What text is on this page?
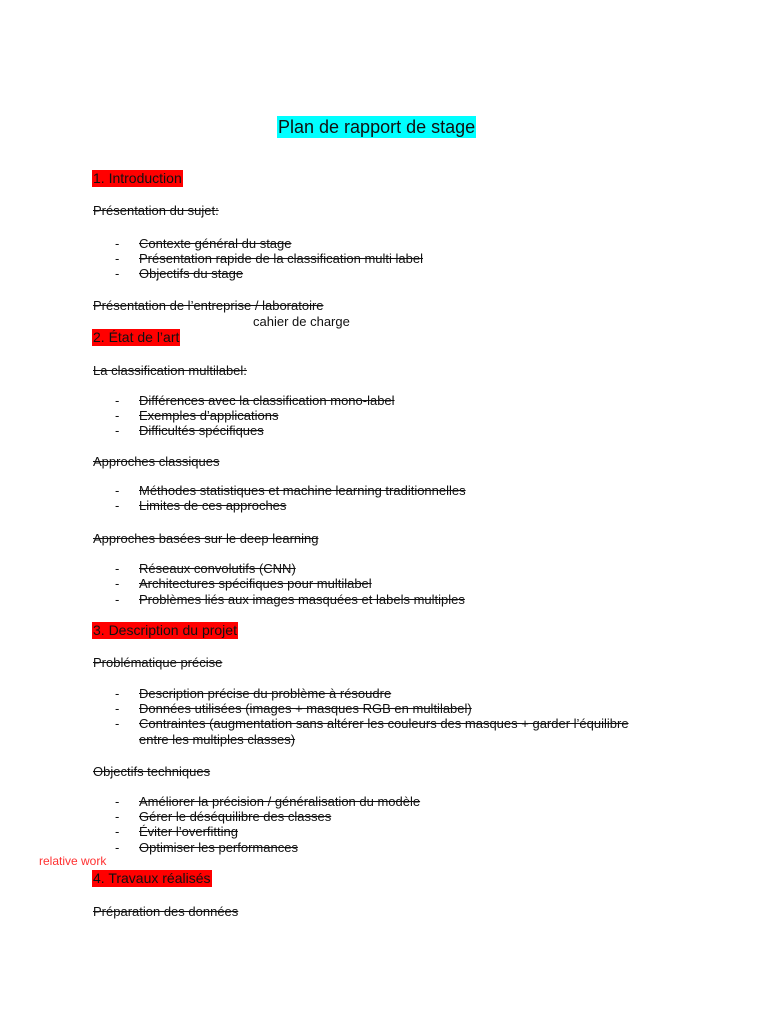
Plan de rapport de stage
1. Introduction
Présentation du sujet:
- Contexte général du stage
- Présentation rapide de la classification multi label
- Objectifs du stage
Présentation de l’entreprise / laboratoire
cahier de charge
2. État de l’art
La classification multilabel:
- Différences avec la classification mono-label
- Exemples d’applications
- Difficultés spécifiques
Approches classiques
- Méthodes statistiques et machine learning traditionnelles
- Limites de ces approches
Approches basées sur le deep learning
- Réseaux convolutifs (CNN)
- Architectures spécifiques pour multilabel
- Problèmes liés aux images masquées et labels multiples
3. Description du projet
Problématique précise
- Description précise du problème à résoudre
- Données utilisées (images + masques RGB en multilabel)
- Contraintes (augmentation sans altérer les couleurs des masques + garder l’équilibre
entre les multiples classes)
Objectifs techniques
- Améliorer la précision / généralisation du modèle
- Gérer le déséquilibre des classes
- Éviter l’overfitting
- Optimiser les performances
relative work
4. Travaux réalisés
Préparation des données
